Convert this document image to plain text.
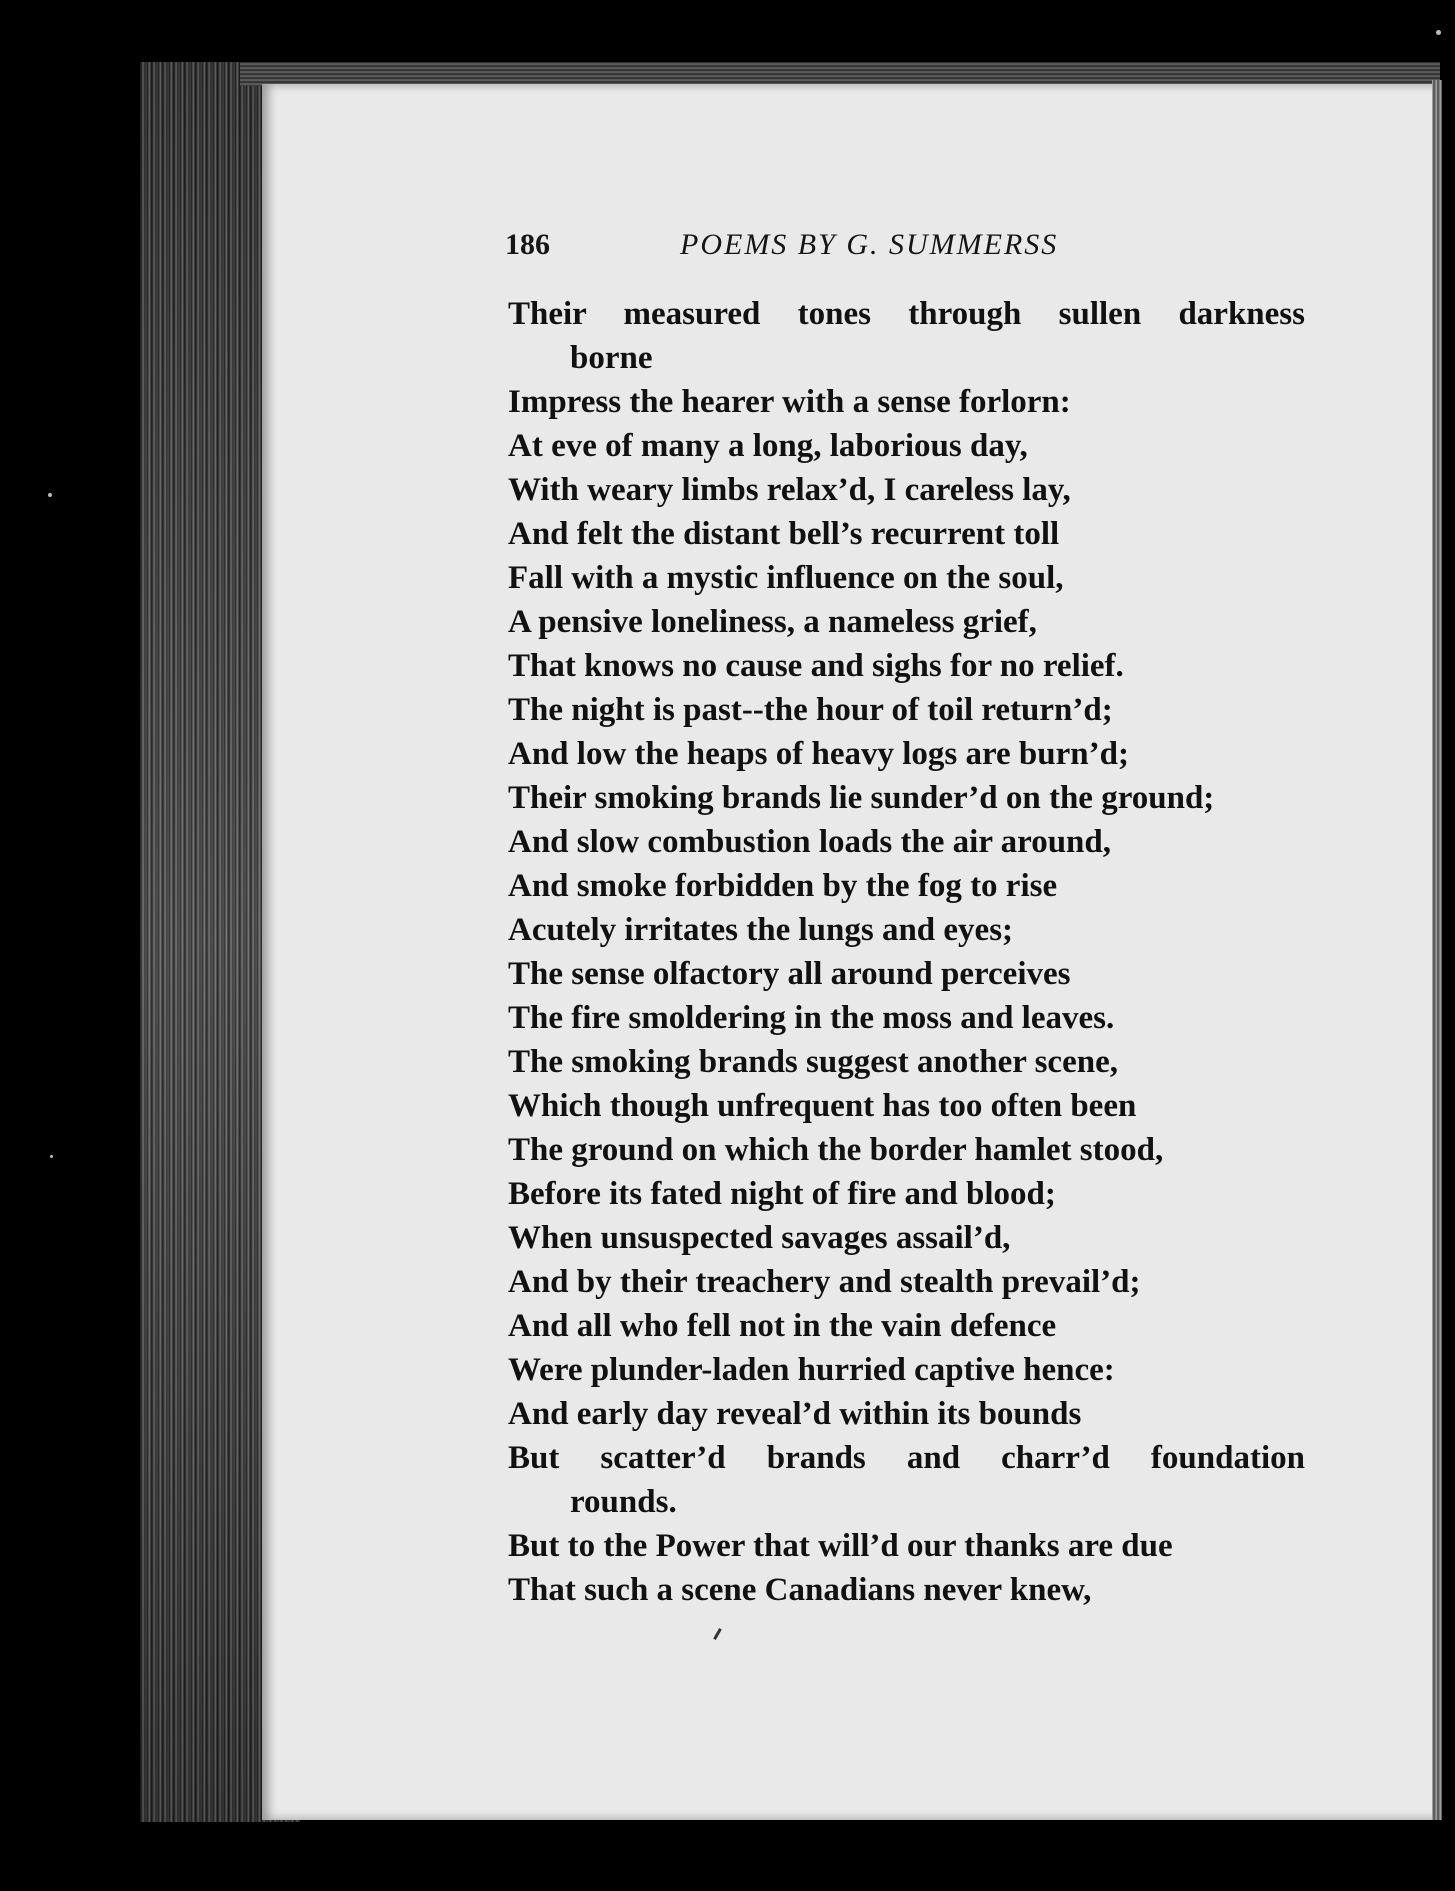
186	POEMS BY G. SUMMERSS
Their measured tones through sullen darkness
borne
Impress the hearer with a sense forlorn:
At eve of many a long, laborious day,
With weary limbs relax’d, I careless lay,
And felt the distant bell’s recurrent toll
Fall with a mystic influence on the soul,
A pensive loneliness, a nameless grief,
That knows no cause and sighs for no relief.
The night is past--the hour of toil return’d;
And low the heaps of heavy logs are burn’d;
Their smoking brands lie sunder’d on the ground;
And slow combustion loads the air around,
And smoke forbidden by the fog to rise
Acutely irritates the lungs and eyes;
The sense olfactory all around perceives
The fire smoldering in the moss and leaves.
The smoking brands suggest another scene,
Which though unfrequent has too often been
The ground on which the border hamlet stood,
Before its fated night of fire and blood;
When unsuspected savages assail’d,
And by their treachery and stealth prevail’d;
And all who fell not in the vain defence
Were plunder-laden hurried captive hence:
And early day reveal’d within its bounds
But scatter’d brands and charr’d foundation
rounds.
But to the Power that will’d our thanks are due
That such a scene Canadians never knew,
